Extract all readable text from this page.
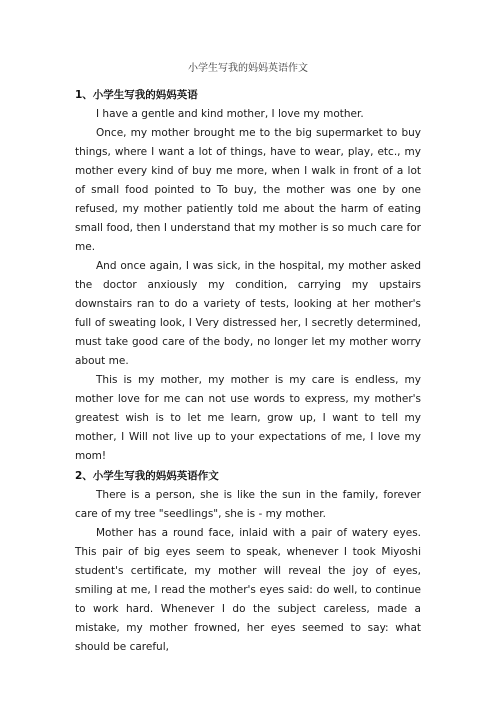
小学生写我的妈妈英语作文
1、小学生写我的妈妈英语

I have a gentle and kind mother, I love my mother.

Once, my mother brought me to the big supermarket to buy things, where I want a lot of things, have to wear, play, etc., my mother every kind of buy me more, when I walk in front of a lot of small food pointed to To buy, the mother was one by one refused, my mother patiently told me about the harm of eating small food, then I understand that my mother is so much care for me.

And once again, I was sick, in the hospital, my mother asked the doctor anxiously my condition, carrying my upstairs downstairs ran to do a variety of tests, looking at her mother's full of sweating look, I Very distressed her, I secretly determined, must take good care of the body, no longer let my mother worry about me.

This is my mother, my mother is my care is endless, my mother love for me can not use words to express, my mother's greatest wish is to let me learn, grow up, I want to tell my mother, I Will not live up to your expectations of me, I love my mom!

2、小学生写我的妈妈英语作文

There is a person, she is like the sun in the family, forever care of my tree "seedlings", she is - my mother.

Mother has a round face, inlaid with a pair of watery eyes. This pair of big eyes seem to speak, whenever I took Miyoshi student's certificate, my mother will reveal the joy of eyes, smiling at me, I read the mother's eyes said: do well, to continue to work hard. Whenever I do the subject careless, made a mistake, my mother frowned, her eyes seemed to say: what should be careful,
